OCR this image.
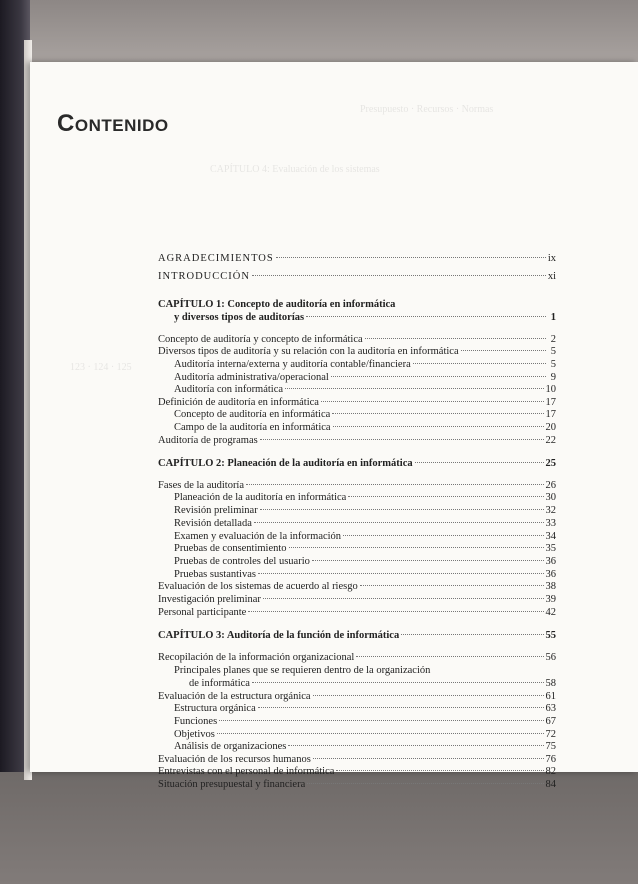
Presupuesto · Recursos · Normas
CAPÍTULO 4: Evaluación de los sistemas
123 · 124 · 125
CONTENIDO
AGRADECIMIENTOS	ix
INTRODUCCIÓN	xi
CAPÍTULO 1: Concepto de auditoría en informática
y diversos tipos de auditorías	1
Concepto de auditoría y concepto de informática	2
Diversos tipos de auditoría y su relación con la auditoría en informática	5
Auditoría interna/externa y auditoría contable/financiera	5
Auditoría administrativa/operacional	9
Auditoría con informática	10
Definición de auditoría en informática	17
Concepto de auditoría en informática	17
Campo de la auditoría en informática	20
Auditoría de programas	22
CAPÍTULO 2: Planeación de la auditoría en informática	25
Fases de la auditoría	26
Planeación de la auditoría en informática	30
Revisión preliminar	32
Revisión detallada	33
Examen y evaluación de la información	34
Pruebas de consentimiento	35
Pruebas de controles del usuario	36
Pruebas sustantivas	36
Evaluación de los sistemas de acuerdo al riesgo	38
Investigación preliminar	39
Personal participante	42
CAPÍTULO 3: Auditoría de la función de informática	55
Recopilación de la información organizacional	56
Principales planes que se requieren dentro de la organización
de informática	58
Evaluación de la estructura orgánica	61
Estructura orgánica	63
Funciones	67
Objetivos	72
Análisis de organizaciones	75
Evaluación de los recursos humanos	76
Entrevistas con el personal de informática	82
Situación presupuestal y financiera	84
